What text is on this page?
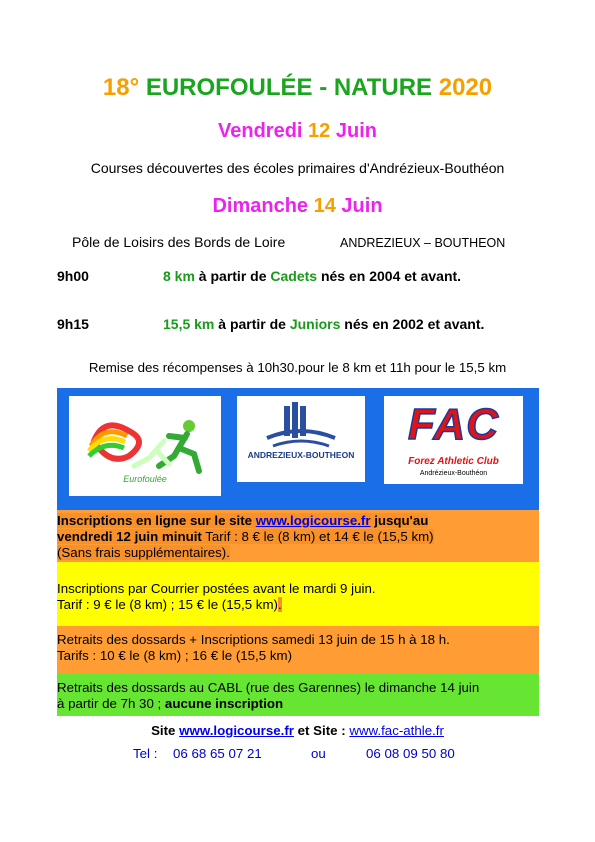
18° EUROFOULÉE - NATURE 2020
Vendredi 12 Juin
Courses découvertes des écoles primaires d'Andrézieux-Bouthéon
Dimanche 14 Juin
Pôle de Loisirs des Bords de Loire	ANDREZIEUX – BOUTHEON
9h00	8 km à partir de Cadets nés en 2004 et avant.
9h15	15,5 km à partir de Juniors nés en 2002 et avant.
Remise des récompenses à 10h30.pour le 8 km et 11h pour le 15,5 km
Eurofoulée
ANDREZIEUX-BOUTHEON
FAC
Forez Athletic Club
Andrézieux-Bouthéon
Inscriptions en ligne sur le site www.logicourse.fr jusqu'au
vendredi 12 juin minuit Tarif : 8 € le (8 km) et 14 € le (15,5 km)
(Sans frais supplémentaires).
Inscriptions par Courrier postées avant le mardi 9 juin.
Tarif : 9 € le (8 km) ; 15 € le (15,5 km).
Retraits des dossards + Inscriptions samedi 13 juin de 15 h à 18 h.
Tarifs : 10 € le (8 km) ; 16 € le (15,5 km)
Retraits des dossards au CABL (rue des Garennes) le dimanche 14 juin
à partir de 7h 30 ; aucune inscription
Site www.logicourse.fr et Site : www.fac-athle.fr
Tel : 06 68 65 07 21	ou	06 08 09 50 80
